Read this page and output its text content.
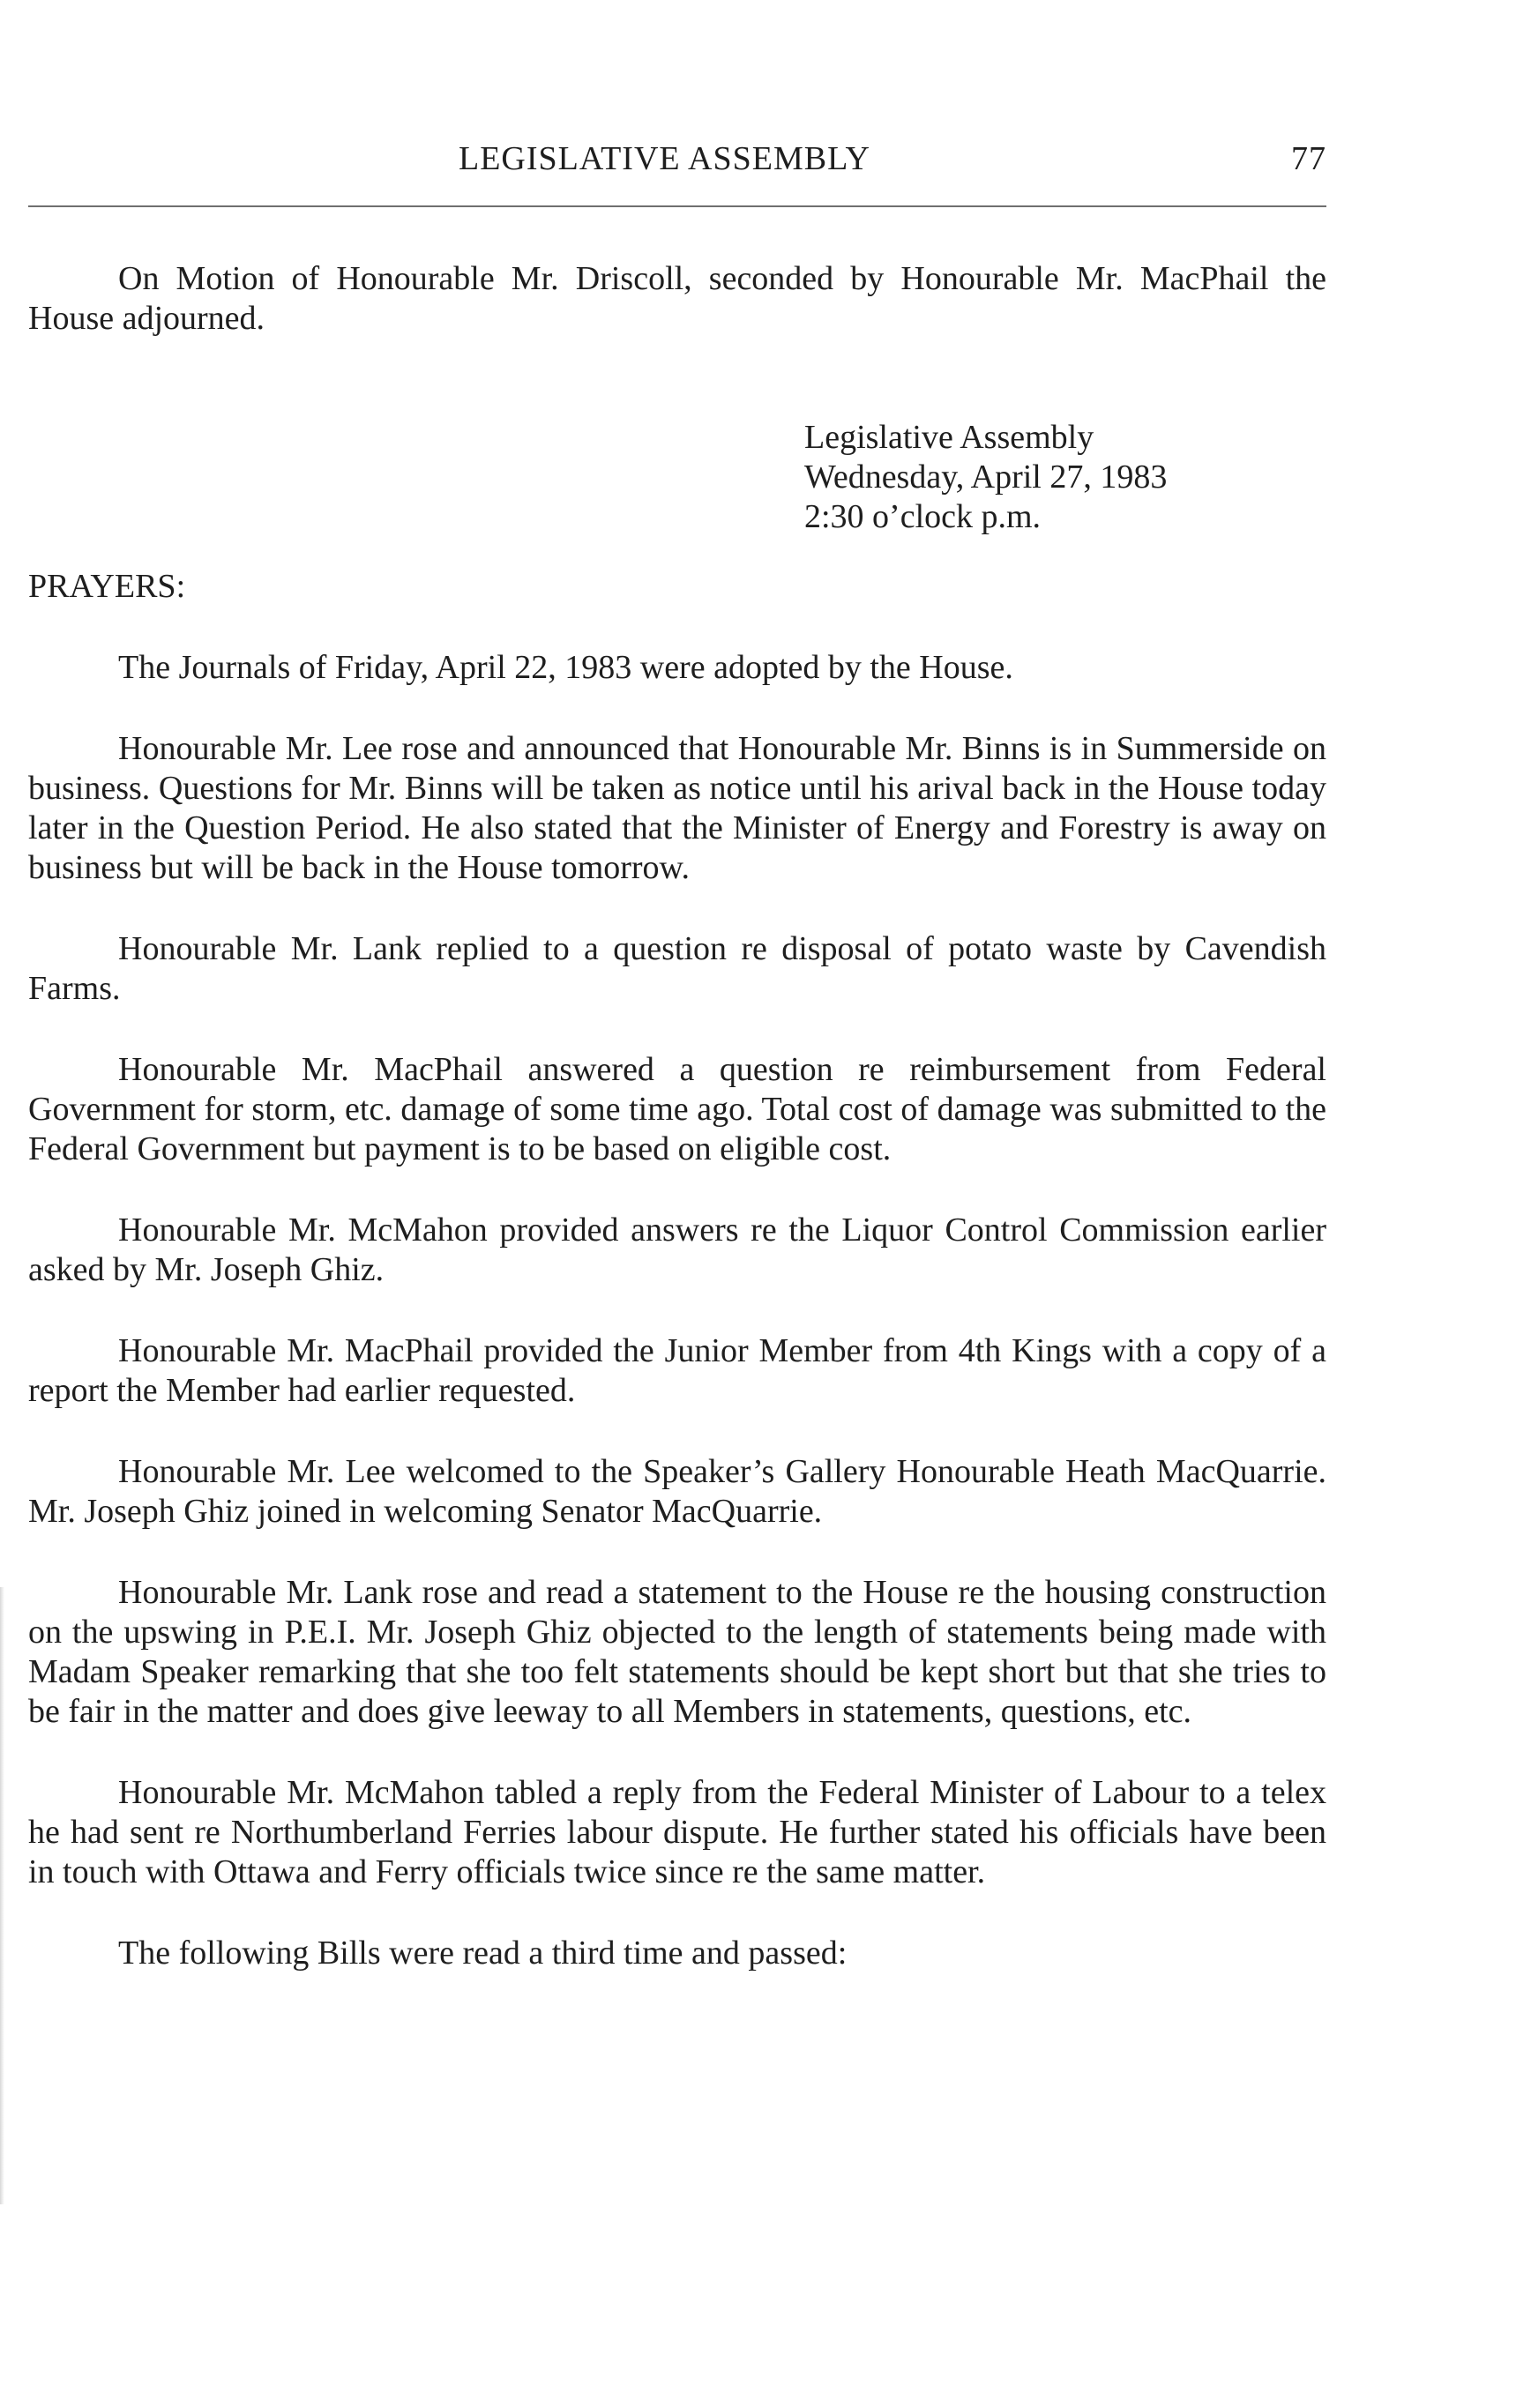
LEGISLATIVE ASSEMBLY	77

On Motion of Honourable Mr. Driscoll, seconded by Honourable Mr. MacPhail the House adjourned.

Legislative Assembly
Wednesday, April 27, 1983
2:30 o’clock p.m.

PRAYERS:

The Journals of Friday, April 22, 1983 were adopted by the House.

Honourable Mr. Lee rose and announced that Honourable Mr. Binns is in Summerside on business. Questions for Mr. Binns will be taken as notice until his arival back in the House today later in the Question Period. He also stated that the Minister of Energy and Forestry is away on business but will be back in the House tomorrow.

Honourable Mr. Lank replied to a question re disposal of potato waste by Cavendish Farms.

Honourable Mr. MacPhail answered a question re reimbursement from Federal Government for storm, etc. damage of some time ago. Total cost of damage was submitted to the Federal Government but payment is to be based on eligible cost.

Honourable Mr. McMahon provided answers re the Liquor Control Commission earlier asked by Mr. Joseph Ghiz.

Honourable Mr. MacPhail provided the Junior Member from 4th Kings with a copy of a report the Member had earlier requested.

Honourable Mr. Lee welcomed to the Speaker’s Gallery Honourable Heath MacQuarrie. Mr. Joseph Ghiz joined in welcoming Senator MacQuarrie.

Honourable Mr. Lank rose and read a statement to the House re the housing construction on the upswing in P.E.I. Mr. Joseph Ghiz objected to the length of statements being made with Madam Speaker remarking that she too felt statements should be kept short but that she tries to be fair in the matter and does give leeway to all Members in statements, questions, etc.

Honourable Mr. McMahon tabled a reply from the Federal Minister of Labour to a telex he had sent re Northumberland Ferries labour dispute. He further stated his officials have been in touch with Ottawa and Ferry officials twice since re the same matter.

The following Bills were read a third time and passed:
